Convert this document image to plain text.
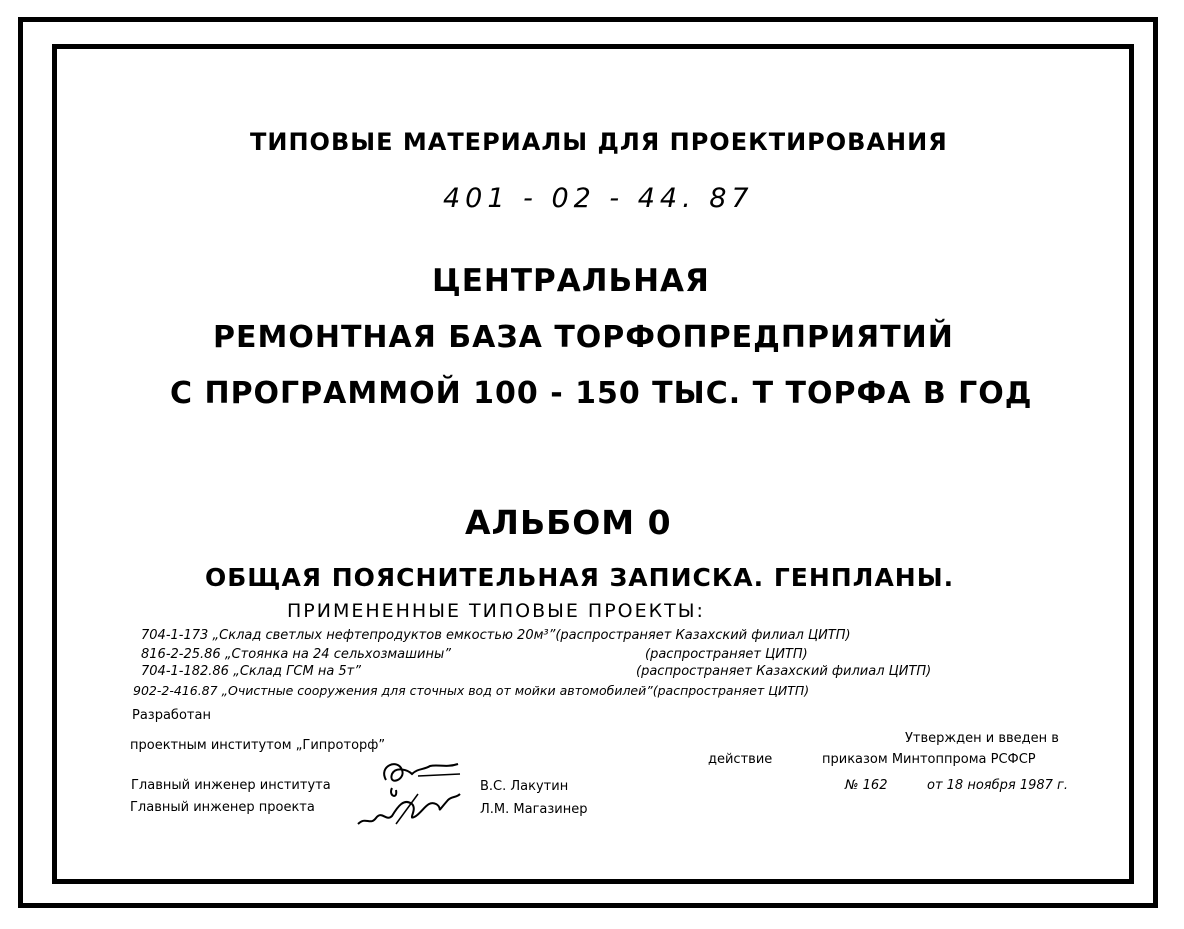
ТИПОВЫЕ МАТЕРИАЛЫ ДЛЯ ПРОЕКТИРОВАНИЯ
401 - 02 - 44. 87
ЦЕНТРАЛЬНАЯ
РЕМОНТНАЯ БАЗА ТОРФОПРЕДПРИЯТИЙ
С ПРОГРАММОЙ 100 - 150 ТЫС. Т ТОРФА В ГОД
АЛЬБОМ 0
ОБЩАЯ ПОЯСНИТЕЛЬНАЯ ЗАПИСКА. ГЕНПЛАНЫ.
ПРИМЕНЕННЫЕ ТИПОВЫЕ ПРОЕКТЫ:
704-1-173 „Склад светлых нефтепродуктов емкостью 20м³”(распространяет Казахский филиал ЦИТП)
816-2-25.86 „Стоянка на 24 сельхозмашины”	(распространяет ЦИТП)
704-1-182.86 „Склад ГСМ на 5т”	(распространяет Казахский филиал ЦИТП)
902-2-416.87 „Очистные сооружения для сточных вод от мойки автомобилей”(распространяет ЦИТП)
Разработан
проектным институтом „Гипроторф”
Главный инженер института	В.С. Лакутин
Главный инженер проекта	Л.М. Магазинер
Утвержден и введен в
действие	приказом Минтоппрома РСФСР
№ 162	от 18 ноября 1987 г.
